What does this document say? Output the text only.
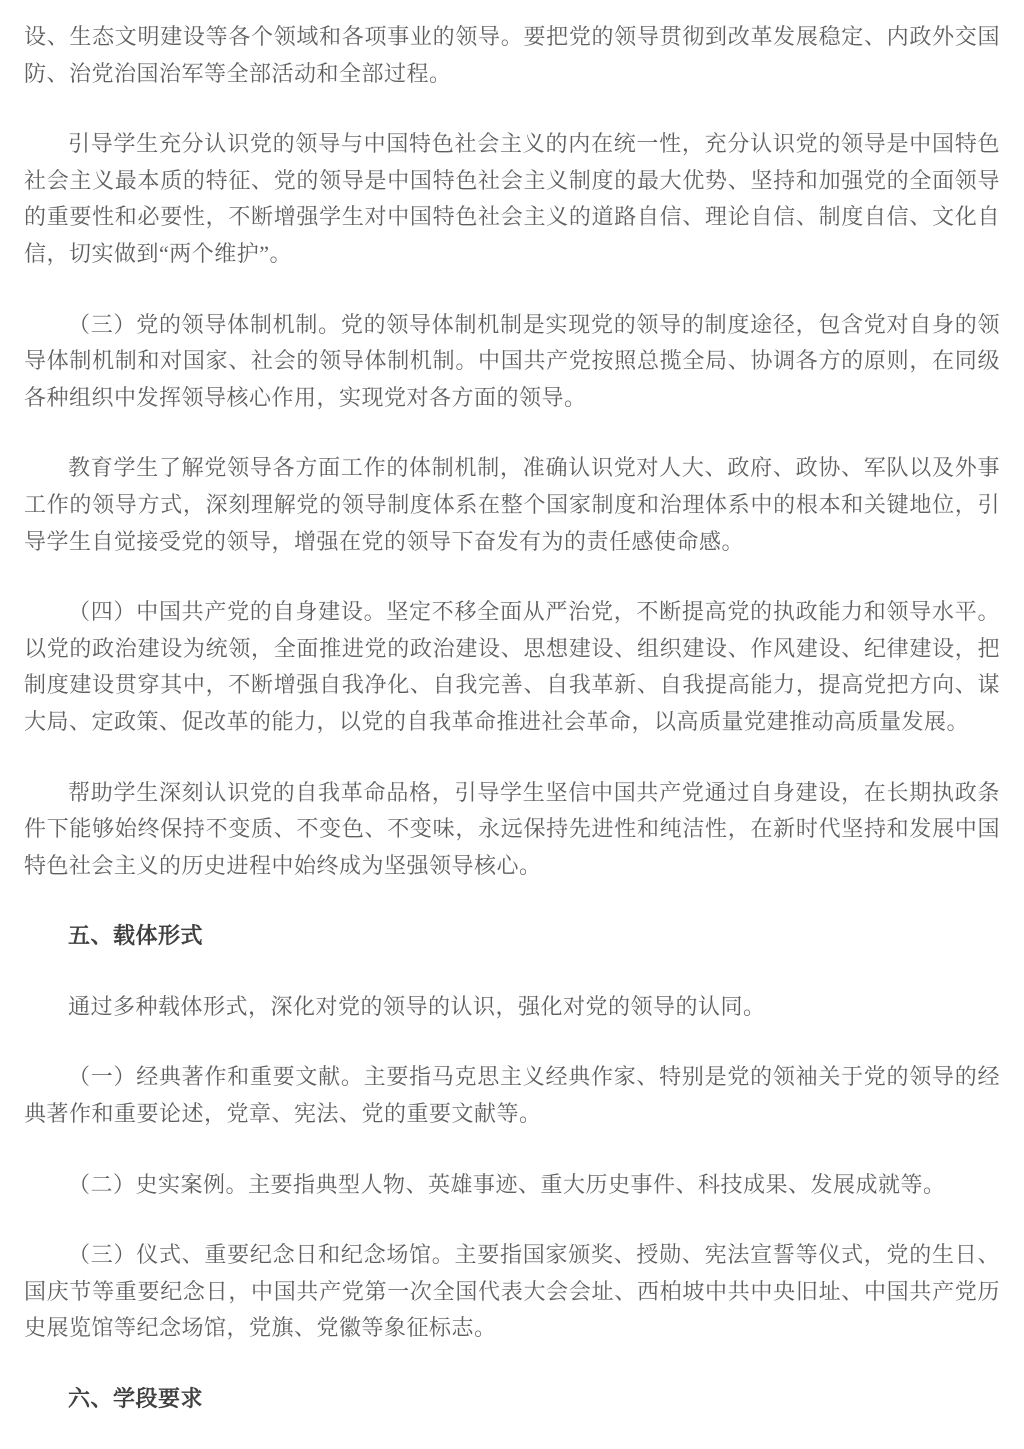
设、生态文明建设等各个领域和各项事业的领导。要把党的领导贯彻到改革发展稳定、内政外交国防、治党治国治军等全部活动和全部过程。

引导学生充分认识党的领导与中国特色社会主义的内在统一性，充分认识党的领导是中国特色社会主义最本质的特征、党的领导是中国特色社会主义制度的最大优势、坚持和加强党的全面领导的重要性和必要性，不断增强学生对中国特色社会主义的道路自信、理论自信、制度自信、文化自信，切实做到“两个维护”。

（三）党的领导体制机制。党的领导体制机制是实现党的领导的制度途径，包含党对自身的领导体制机制和对国家、社会的领导体制机制。中国共产党按照总揽全局、协调各方的原则，在同级各种组织中发挥领导核心作用，实现党对各方面的领导。

教育学生了解党领导各方面工作的体制机制，准确认识党对人大、政府、政协、军队以及外事工作的领导方式，深刻理解党的领导制度体系在整个国家制度和治理体系中的根本和关键地位，引导学生自觉接受党的领导，增强在党的领导下奋发有为的责任感使命感。

（四）中国共产党的自身建设。坚定不移全面从严治党，不断提高党的执政能力和领导水平。以党的政治建设为统领，全面推进党的政治建设、思想建设、组织建设、作风建设、纪律建设，把制度建设贯穿其中，不断增强自我净化、自我完善、自我革新、自我提高能力，提高党把方向、谋大局、定政策、促改革的能力，以党的自我革命推进社会革命，以高质量党建推动高质量发展。

帮助学生深刻认识党的自我革命品格，引导学生坚信中国共产党通过自身建设，在长期执政条件下能够始终保持不变质、不变色、不变味，永远保持先进性和纯洁性，在新时代坚持和发展中国特色社会主义的历史进程中始终成为坚强领导核心。

五、载体形式

通过多种载体形式，深化对党的领导的认识，强化对党的领导的认同。

（一）经典著作和重要文献。主要指马克思主义经典作家、特别是党的领袖关于党的领导的经典著作和重要论述，党章、宪法、党的重要文献等。

（二）史实案例。主要指典型人物、英雄事迹、重大历史事件、科技成果、发展成就等。

（三）仪式、重要纪念日和纪念场馆。主要指国家颁奖、授勋、宪法宣誓等仪式，党的生日、国庆节等重要纪念日，中国共产党第一次全国代表大会会址、西柏坡中共中央旧址、中国共产党历史展览馆等纪念场馆，党旗、党徽等象征标志。

六、学段要求
